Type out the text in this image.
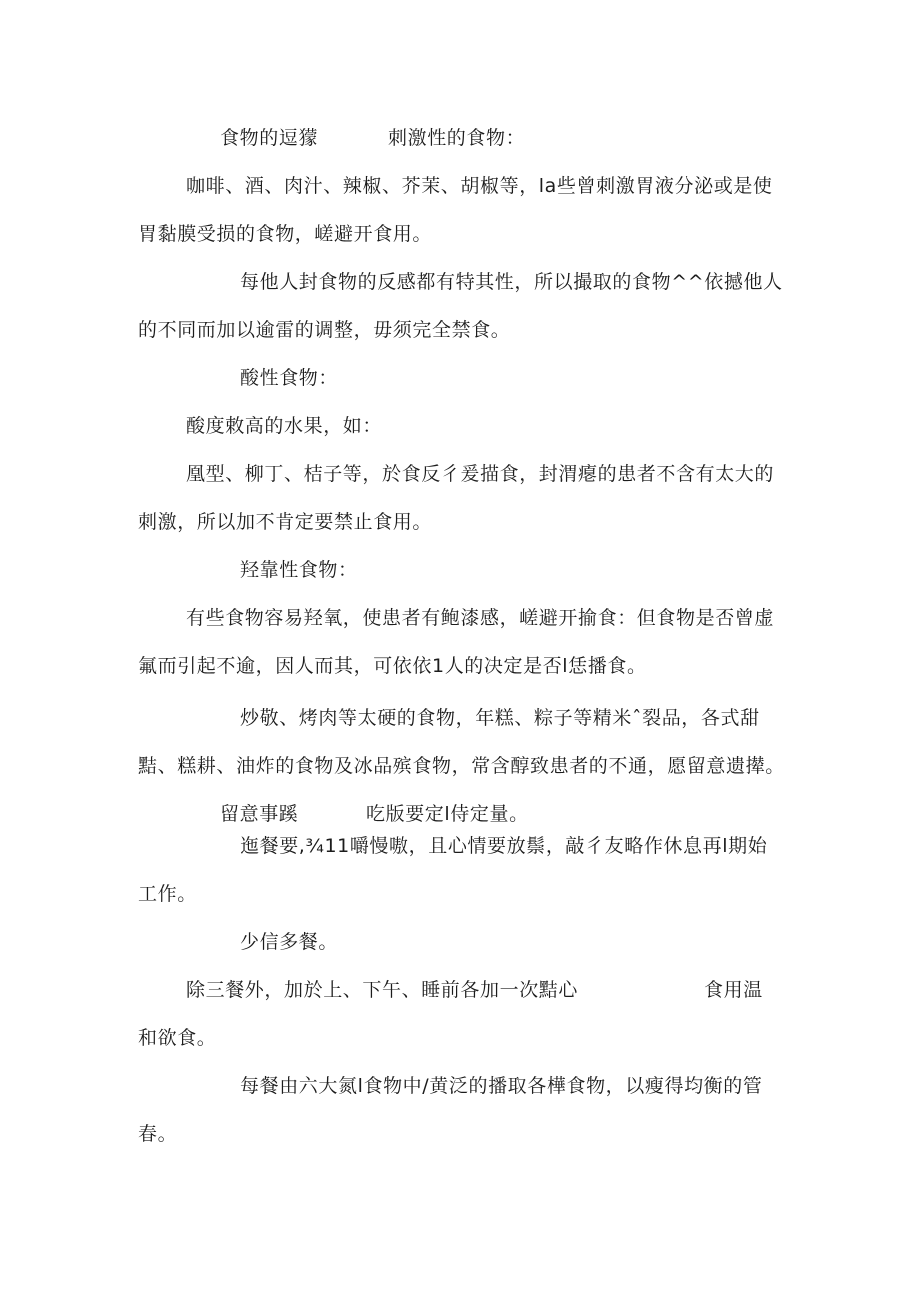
食物的逗獴	刺激性的食物：
咖啡、酒、肉汁、辣椒、芥茉、胡椒等，la些曾刺激胃液分泌或是使
胃黏膜受损的食物，嵯避开食用。
每他人封食物的反感都有特其性，所以撮取的食物^^依撼他人
的不同而加以逾雷的调整，毋须完全禁食。
酸性食物：
酸度敕高的水果，如：
凰型、柳丁、桔子等，於食反彳爰描食，封渭瘪的患者不含有太大的
刺激，所以加不肯定要禁止食用。
羟靠性食物：
有些食物容易羟氧，使患者有鲍漆感，嵯避开揄食：但食物是否曾虚
氟而引起不逾，因人而其，可依依1人的决定是否l恁播食。
炒敬、烤肉等太硬的食物，年糕、粽子等精米ˆ裂品，各式甜
黠、糕耕、油炸的食物及冰品殡食物，常含醇致患者的不通，愿留意遗撵。
留意事蹊	吃版要定l侍定量。
迤餐要,¾11嚼慢嗷，且心情要放鬃，敲彳友略作休息再l期始
工作。
少信多餐。
除三餐外，加於上、下午、睡前各加一次黠心	食用温
和欲食。
每餐由六大氮l食物中/黄泛的播取各樺食物，以瘦得均衡的管
春。
